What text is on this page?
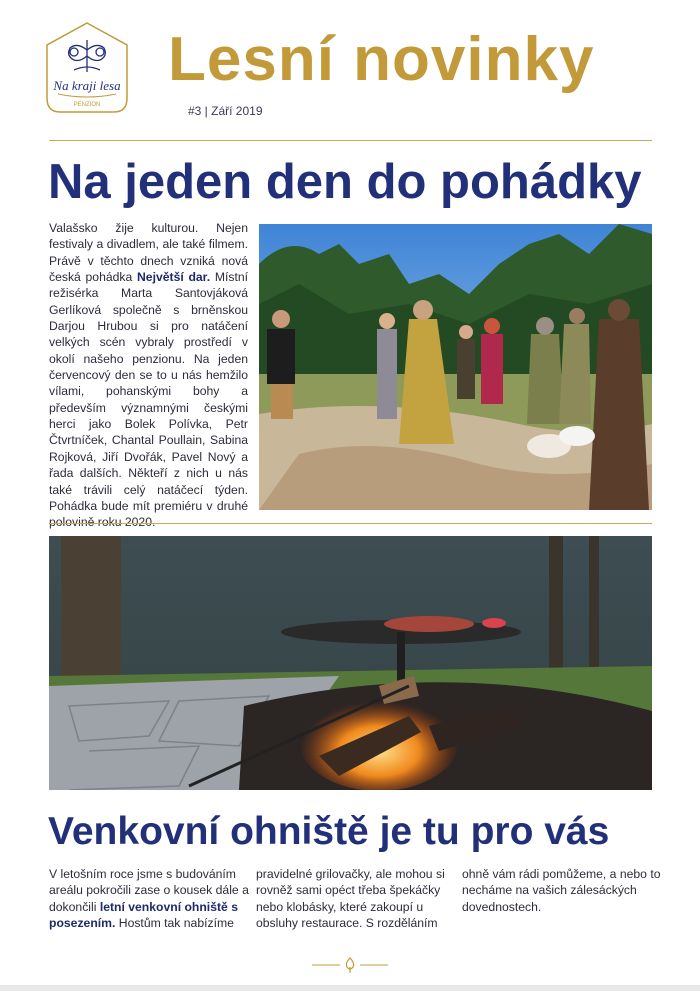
Na kraji lesa
PENZION
Lesní novinky
#3 | Září 2019
Na jeden den do pohádky
Valašsko žije kulturou. Nejen festivaly a divadlem, ale také filmem. Právě v těchto dnech vzniká nová česká pohádka Největší dar. Místní režisérka Marta Santovjáková Gerlíková společně s brněnskou Darjou Hrubou si pro natáčení velkých scén vybraly prostředí v okolí našeho penzionu. Na jeden červencový den se to u nás hemžilo vílami, pohanskými bohy a především významnými českými herci jako Bolek Polívka, Petr Čtvrtníček, Chantal Poullain, Sabina Rojková, Jiří Dvořák, Pavel Nový a řada dalších. Někteří z nich u nás také trávili celý natáčecí týden. Pohádka bude mít premiéru v druhé
Venkovní ohniště je tu pro vás
V letošním roce jsme s budováním areálu pokročili zase o kousek dále a dokončili letní venkovní ohniště s posezením. Hostům tak nabízíme
pravidelné grilovačky, ale mohou si rovněž sami opéct třeba špekáčky nebo klobásky, které zakoupí u obsluhy restaurace. S rozděláním
ohně vám rádi pomůžeme, a nebo to necháme na vašich zálesáckých dovednostech.
